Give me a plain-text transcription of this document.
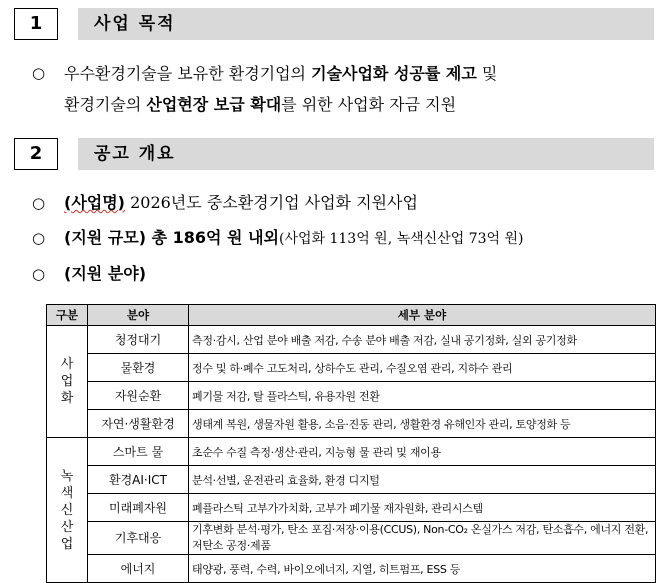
1	사업 목적
○ 우수환경기술을 보유한 환경기업의 기술사업화 성공률 제고 및
환경기술의 산업현장 보급 확대를 위한 사업화 자금 지원
2	공고 개요
○ (사업명) 2026년도 중소환경기업 사업화 지원사업
○ (지원 규모) 총 186억 원 내외(사업화 113억 원, 녹색신산업 73억 원)
○ (지원 분야)
구분	분야	세부 분야
사업화	청정대기	측정·감시, 산업 분야 배출 저감, 수송 분야 배출 저감, 실내 공기정화, 실외 공기정화
	물환경	정수 및 하·폐수 고도처리, 상하수도 관리, 수질오염 관리, 지하수 관리
	자원순환	폐기물 저감, 탈 플라스틱, 유용자원 전환
	자연·생활환경	생태계 복원, 생물자원 활용, 소음·진동 관리, 생활환경 유해인자 관리, 토양정화 등
녹색신산업	스마트 물	초순수 수질 측정·생산·관리, 지능형 물 관리 및 재이용
	환경AI·ICT	분석·선별, 운전관리 효율화, 환경 디지털
	미래폐자원	폐플라스틱 고부가가치화, 고부가 폐기물 재자원화, 관리시스템
	기후대응	기후변화 분석·평가, 탄소 포집·저장·이용(CCUS), Non-CO₂ 온실가스 저감, 탄소흡수, 에너지 전환, 저탄소 공정·제품
	에너지	태양광, 풍력, 수력, 바이오에너지, 지열, 히트펌프, ESS 등
